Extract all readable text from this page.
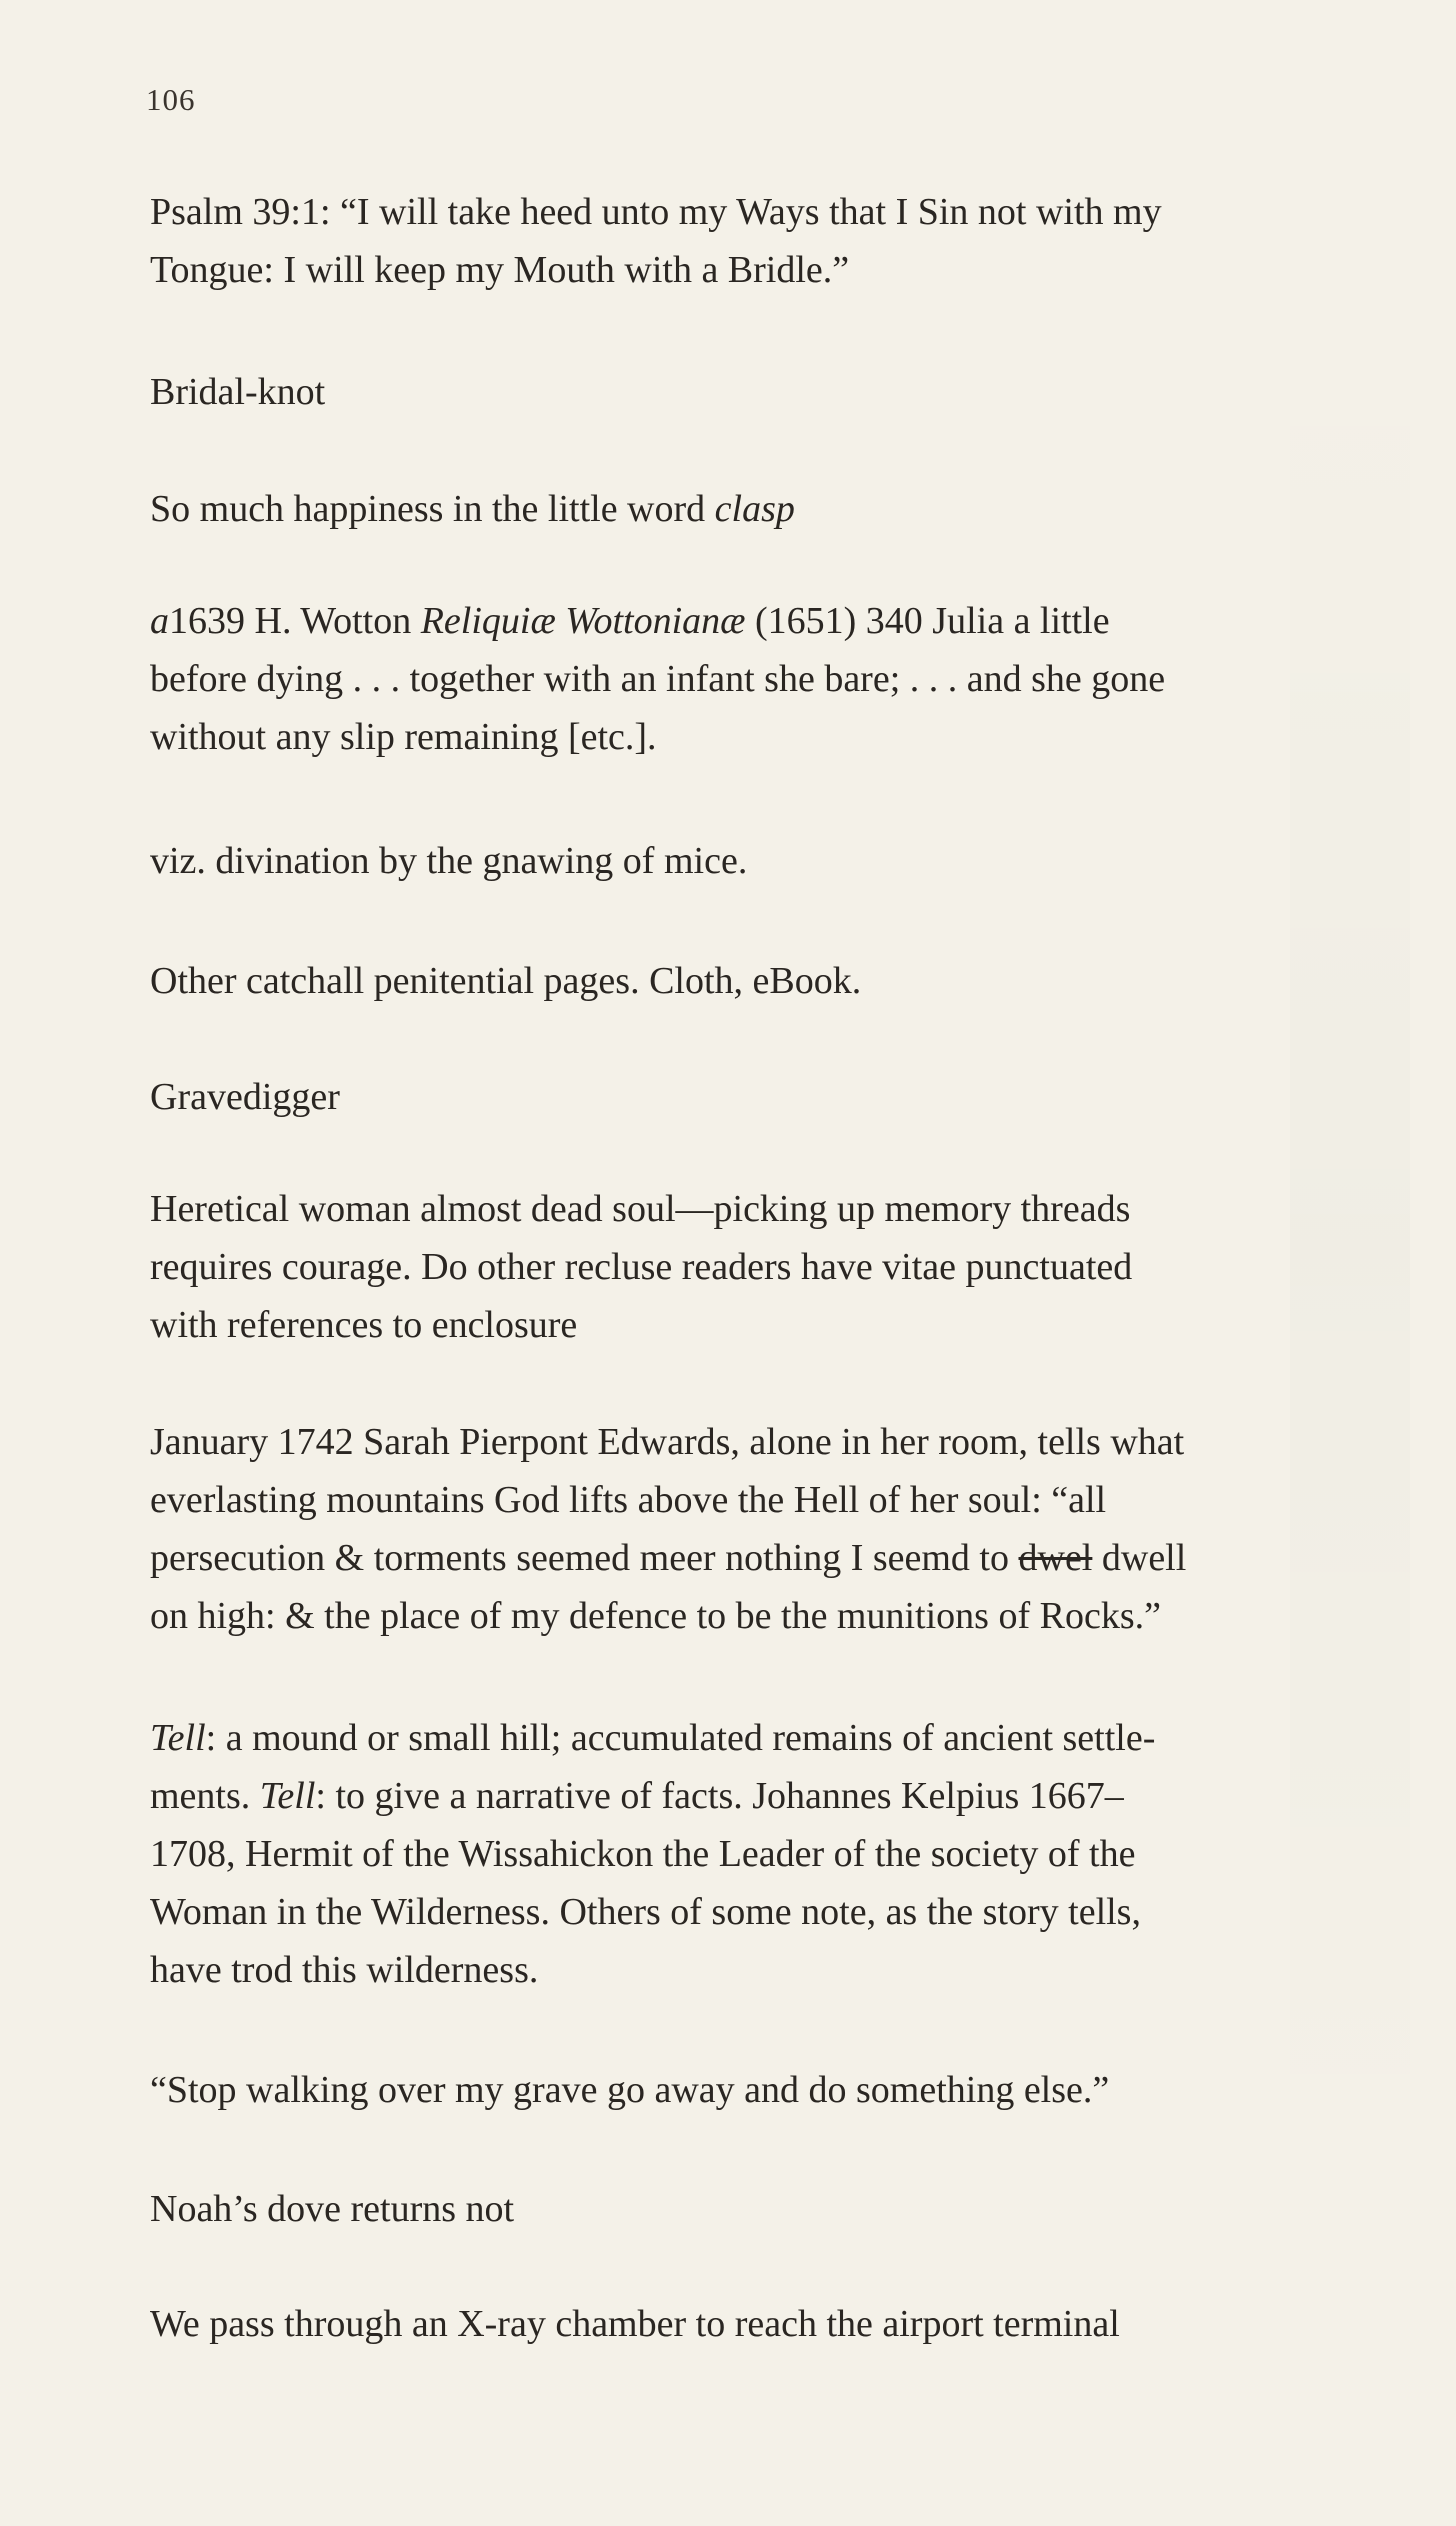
106
Psalm 39:1: “I will take heed unto my Ways that I Sin not with my
Tongue: I will keep my Mouth with a Bridle.”
Bridal-knot
So much happiness in the little word clasp
a1639 H. Wotton Reliquiæ Wottonianæ (1651) 340 Julia a little
before dying . . . together with an infant she bare; . . . and she gone
without any slip remaining [etc.].
viz. divination by the gnawing of mice.
Other catchall penitential pages. Cloth, eBook.
Gravedigger
Heretical woman almost dead soul—picking up memory threads
requires courage. Do other recluse readers have vitae punctuated
with references to enclosure
January 1742 Sarah Pierpont Edwards, alone in her room, tells what
everlasting mountains God lifts above the Hell of her soul: “all
persecution & torments seemed meer nothing I seemd to dwel dwell
on high: & the place of my defence to be the munitions of Rocks.”
Tell: a mound or small hill; accumulated remains of ancient settle-
ments. Tell: to give a narrative of facts. Johannes Kelpius 1667–
1708, Hermit of the Wissahickon the Leader of the society of the
Woman in the Wilderness. Others of some note, as the story tells,
have trod this wilderness.
“Stop walking over my grave go away and do something else.”
Noah’s dove returns not
We pass through an X-ray chamber to reach the airport terminal
